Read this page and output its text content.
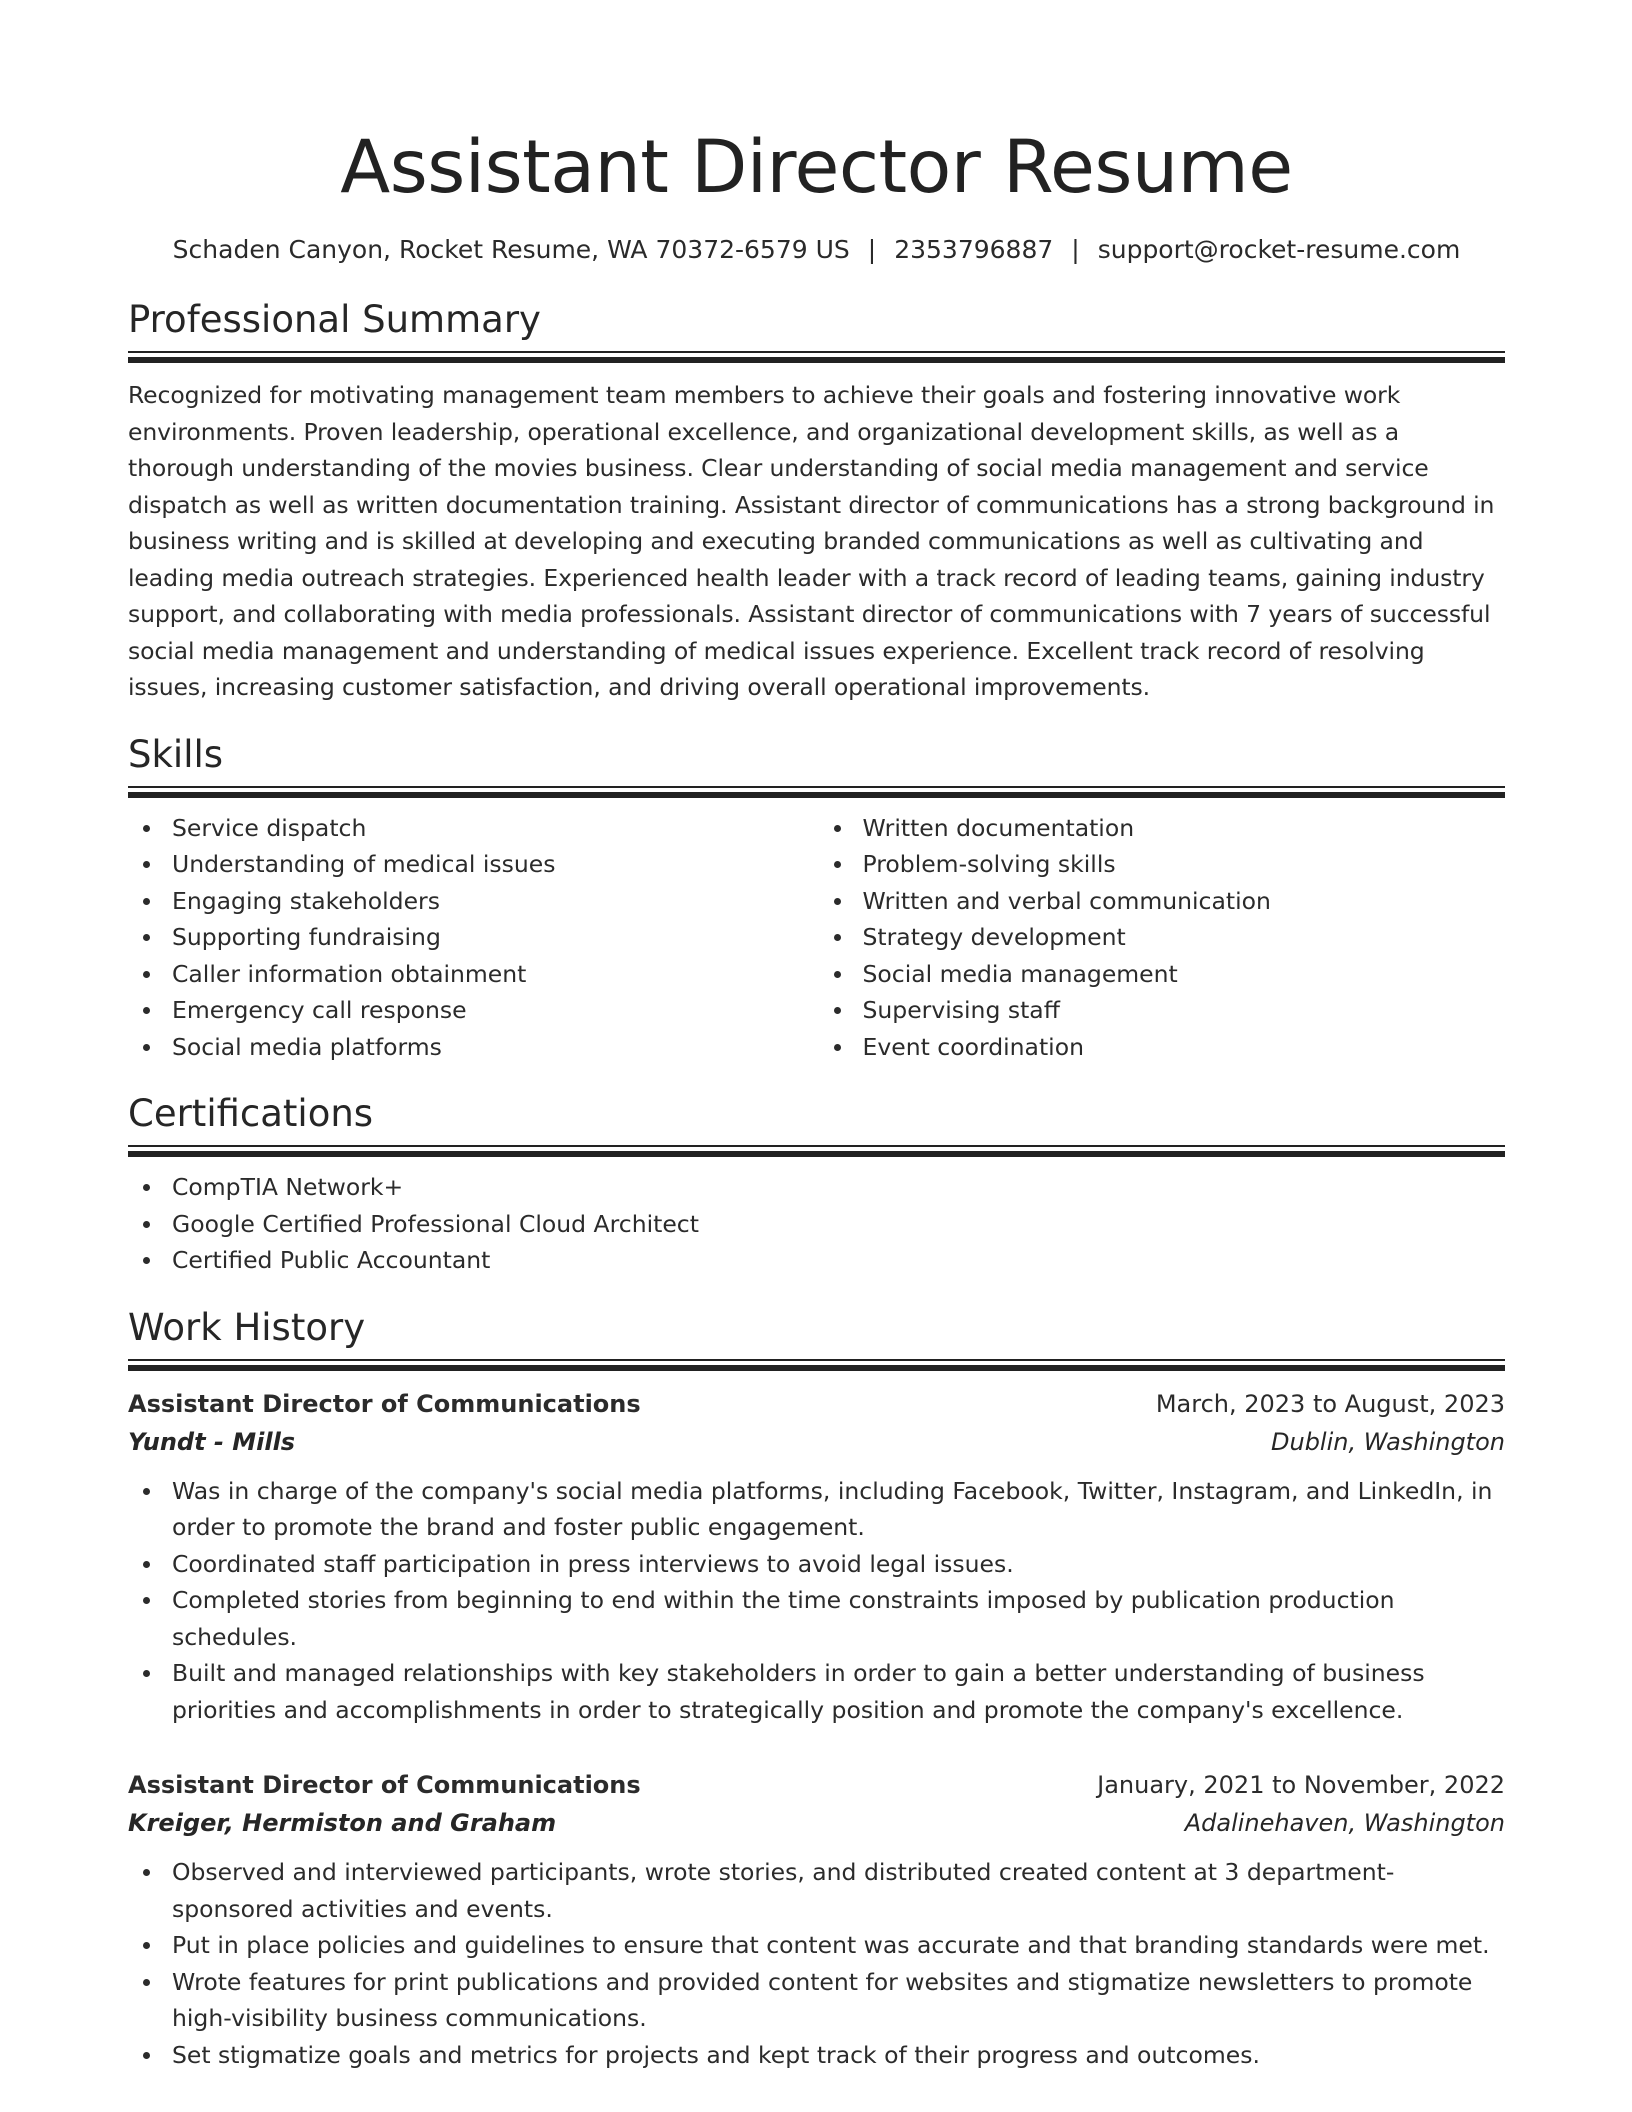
Assistant Director Resume
Schaden Canyon, Rocket Resume, WA 70372-6579 US | 2353796887 | support@rocket-resume.com
Professional Summary

Recognized for motivating management team members to achieve their goals and fostering innovative work environments. Proven leadership, operational excellence, and organizational development skills, as well as a thorough understanding of the movies business. Clear understanding of social media management and service dispatch as well as written documentation training. Assistant director of communications has a strong background in business writing and is skilled at developing and executing branded communications as well as cultivating and leading media outreach strategies. Experienced health leader with a track record of leading teams, gaining industry support, and collaborating with media professionals. Assistant director of communications with 7 years of successful social media management and understanding of medical issues experience. Excellent track record of resolving issues, increasing customer satisfaction, and driving overall operational improvements.

Skills
Service dispatch
Understanding of medical issues
Engaging stakeholders
Supporting fundraising
Caller information obtainment
Emergency call response
Social media platforms
Written documentation
Problem-solving skills
Written and verbal communication
Strategy development
Social media management
Supervising staff
Event coordination
Certifications
CompTIA Network+
Google Certified Professional Cloud Architect
Certified Public Accountant
Work History
Assistant Director of Communications	March, 2023 to August, 2023
Yundt - Mills	Dublin, Washington
Was in charge of the company's social media platforms, including Facebook, Twitter, Instagram, and LinkedIn, in order to promote the brand and foster public engagement.
Coordinated staff participation in press interviews to avoid legal issues.
Completed stories from beginning to end within the time constraints imposed by publication production schedules.
Built and managed relationships with key stakeholders in order to gain a better understanding of business priorities and accomplishments in order to strategically position and promote the company's excellence.
Assistant Director of Communications	January, 2021 to November, 2022
Kreiger, Hermiston and Graham	Adalinehaven, Washington
Observed and interviewed participants, wrote stories, and distributed created content at 3 department-sponsored activities and events.
Put in place policies and guidelines to ensure that content was accurate and that branding standards were met.
Wrote features for print publications and provided content for websites and stigmatize newsletters to promote high-visibility business communications.
Set stigmatize goals and metrics for projects and kept track of their progress and outcomes.
